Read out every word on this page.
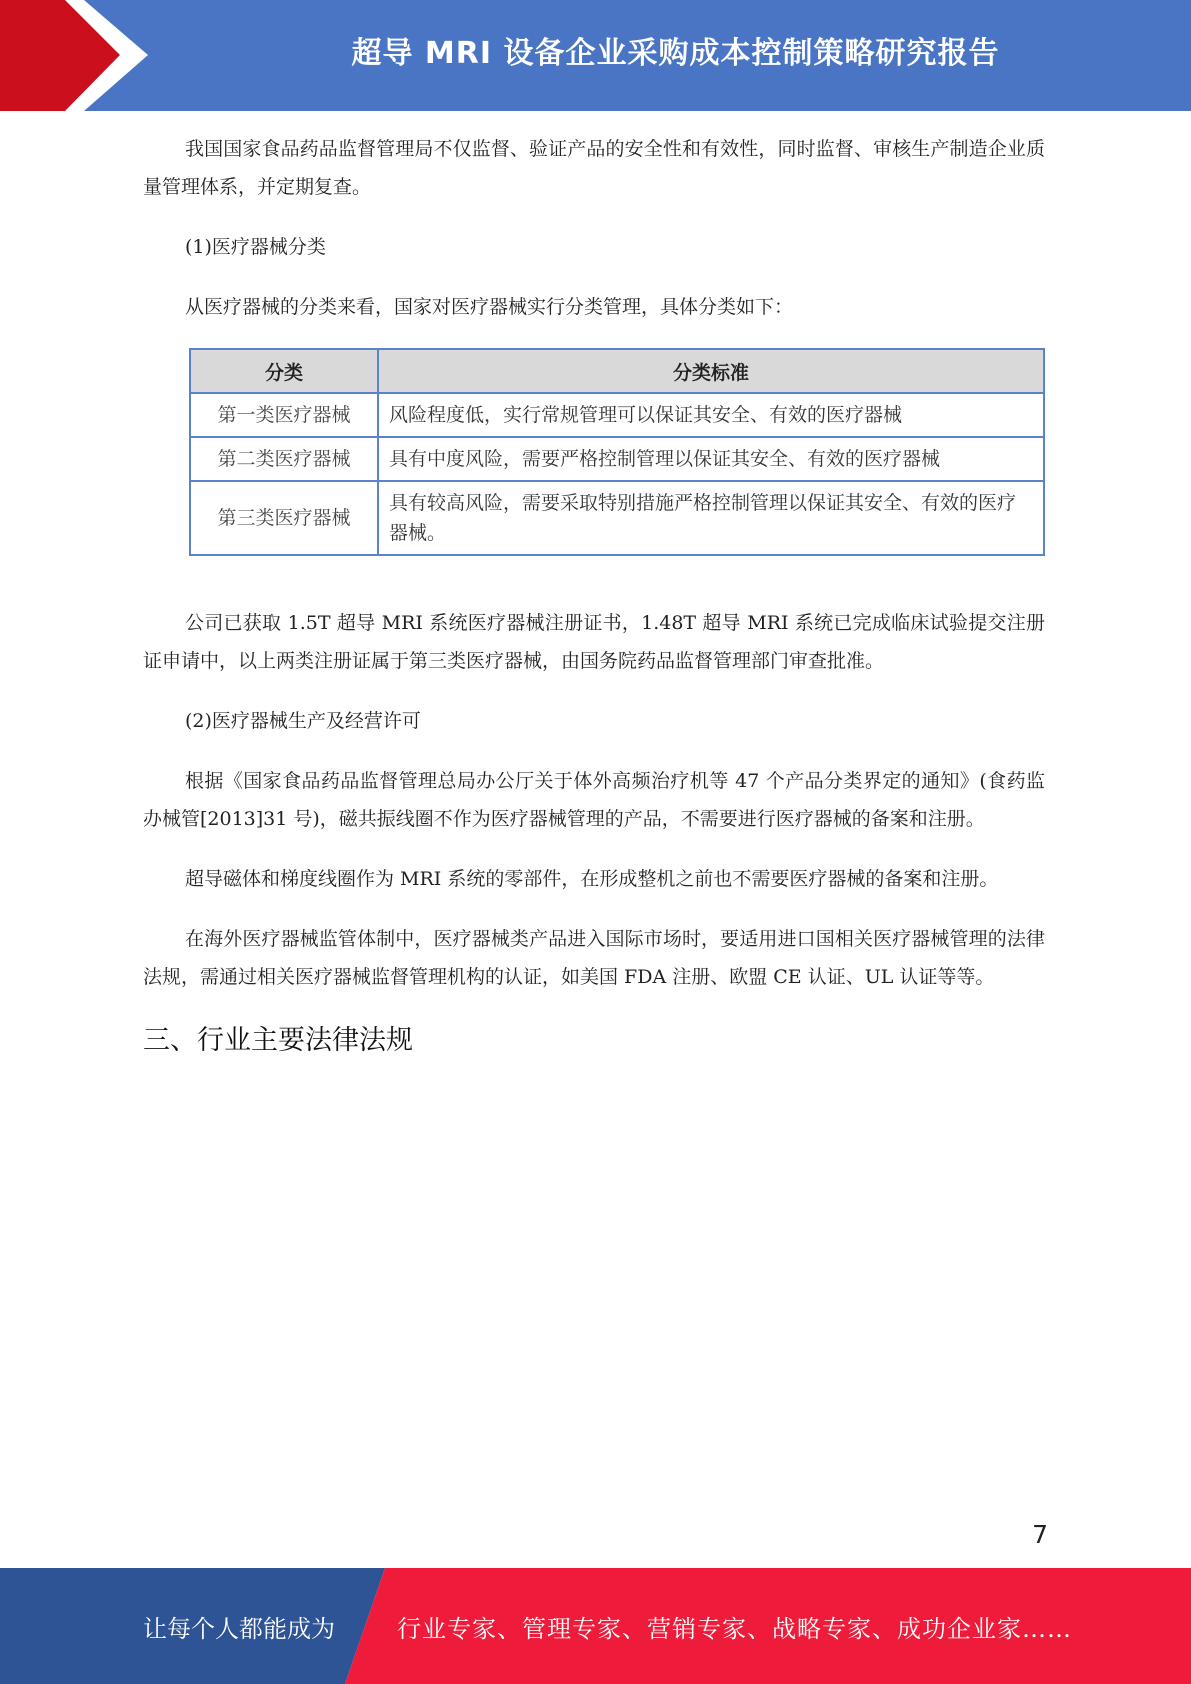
超导 MRI 设备企业采购成本控制策略研究报告

我国国家食品药品监督管理局不仅监督、验证产品的安全性和有效性，同时监督、审核生产制造企业质量管理体系，并定期复查。

(1)医疗器械分类

从医疗器械的分类来看，国家对医疗器械实行分类管理，具体分类如下：

分类	分类标准
第一类医疗器械	风险程度低，实行常规管理可以保证其安全、有效的医疗器械
第二类医疗器械	具有中度风险，需要严格控制管理以保证其安全、有效的医疗器械
第三类医疗器械	具有较高风险，需要采取特别措施严格控制管理以保证其安全、有效的医疗器械。

公司已获取 1.5T 超导 MRI 系统医疗器械注册证书，1.48T 超导 MRI 系统已完成临床试验提交注册证申请中，以上两类注册证属于第三类医疗器械，由国务院药品监督管理部门审查批准。

(2)医疗器械生产及经营许可

根据《国家食品药品监督管理总局办公厅关于体外高频治疗机等 47 个产品分类界定的通知》(食药监办械管[2013]31 号)，磁共振线圈不作为医疗器械管理的产品，不需要进行医疗器械的备案和注册。

超导磁体和梯度线圈作为 MRI 系统的零部件，在形成整机之前也不需要医疗器械的备案和注册。

在海外医疗器械监管体制中，医疗器械类产品进入国际市场时，要适用进口国相关医疗器械管理的法律法规，需通过相关医疗器械监督管理机构的认证，如美国 FDA 注册、欧盟 CE 认证、UL 认证等等。

三、行业主要法律法规
7
让每个人都能成为	行业专家、管理专家、营销专家、战略专家、成功企业家……
